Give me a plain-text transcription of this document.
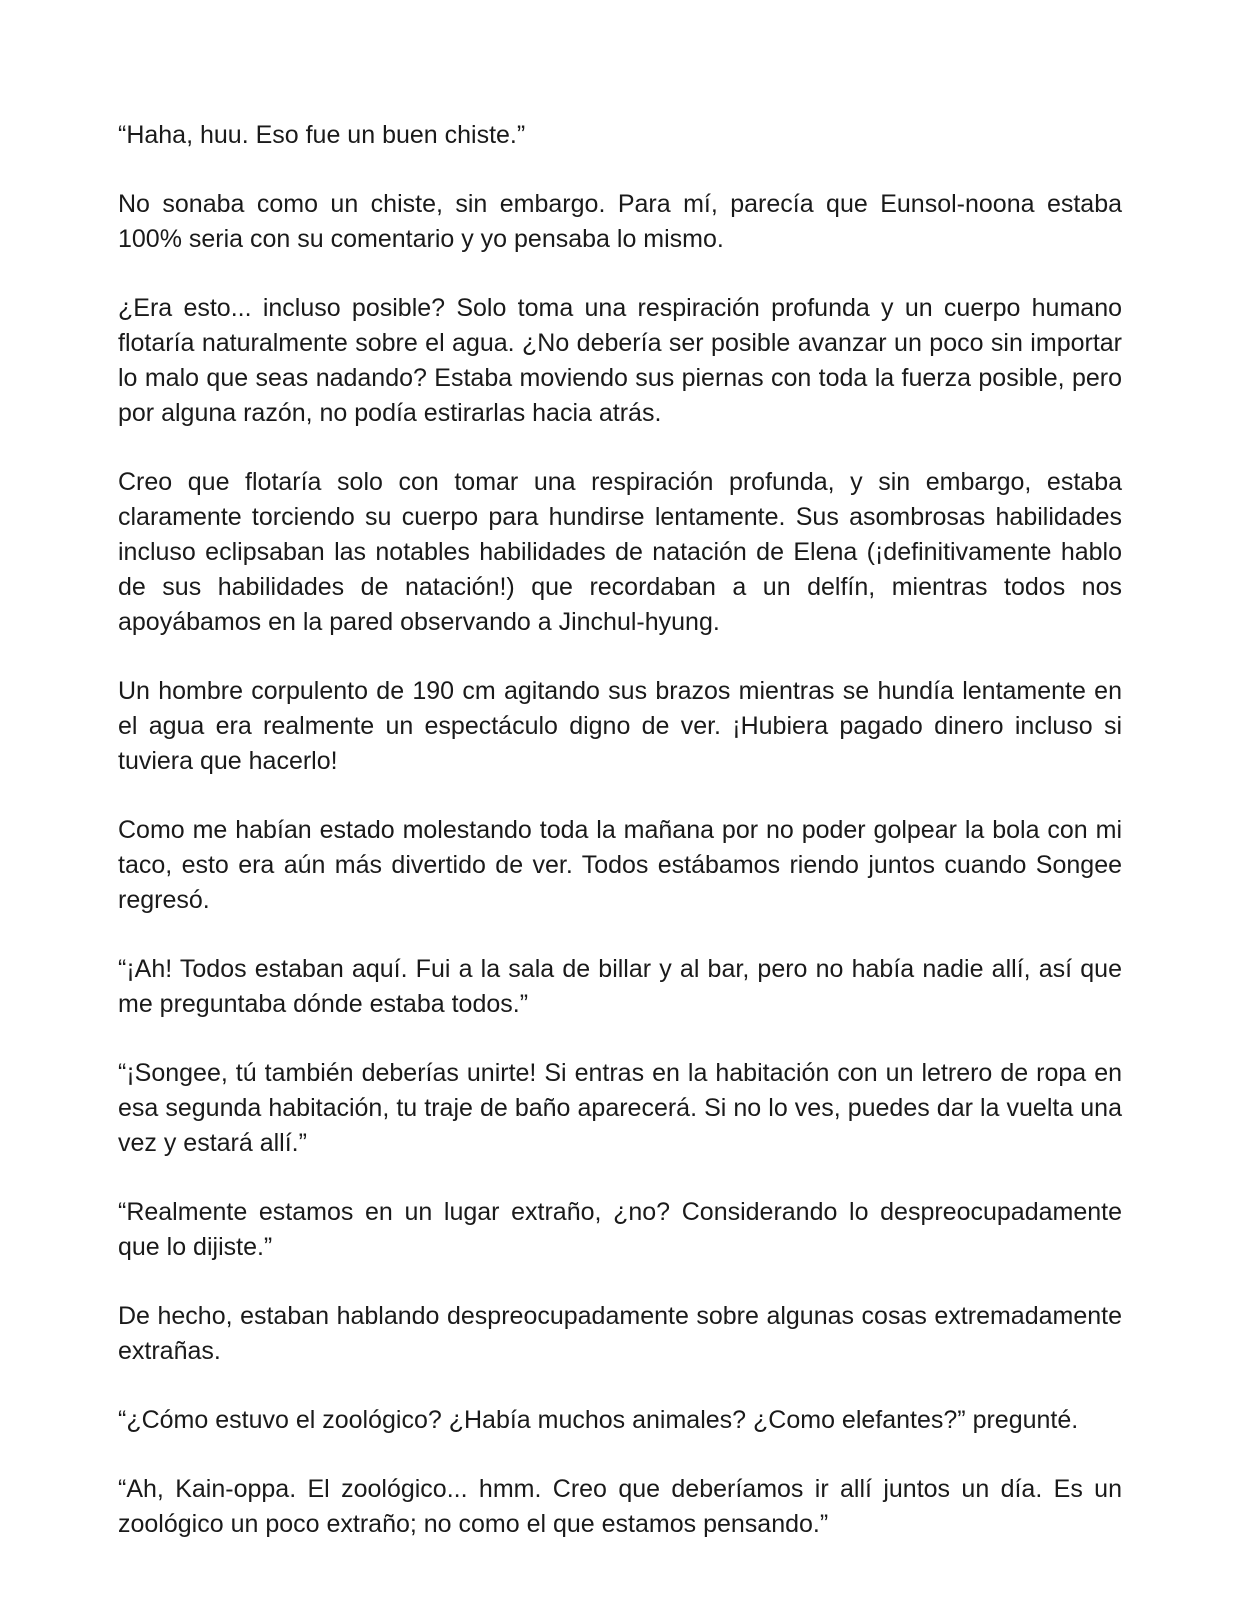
“Haha, huu. Eso fue un buen chiste.”

No sonaba como un chiste, sin embargo. Para mí, parecía que Eunsol-noona estaba 100% seria con su comentario y yo pensaba lo mismo.

¿Era esto... incluso posible? Solo toma una respiración profunda y un cuerpo humano flotaría naturalmente sobre el agua. ¿No debería ser posible avanzar un poco sin importar lo malo que seas nadando? Estaba moviendo sus piernas con toda la fuerza posible, pero por alguna razón, no podía estirarlas hacia atrás.

Creo que flotaría solo con tomar una respiración profunda, y sin embargo, estaba claramente torciendo su cuerpo para hundirse lentamente. Sus asombrosas habilidades incluso eclipsaban las notables habilidades de natación de Elena (¡definitivamente hablo de sus habilidades de natación!) que recordaban a un delfín, mientras todos nos apoyábamos en la pared observando a Jinchul-hyung.

Un hombre corpulento de 190 cm agitando sus brazos mientras se hundía lentamente en el agua era realmente un espectáculo digno de ver. ¡Hubiera pagado dinero incluso si tuviera que hacerlo!

Como me habían estado molestando toda la mañana por no poder golpear la bola con mi taco, esto era aún más divertido de ver. Todos estábamos riendo juntos cuando Songee regresó.

“¡Ah! Todos estaban aquí. Fui a la sala de billar y al bar, pero no había nadie allí, así que me preguntaba dónde estaba todos.”

“¡Songee, tú también deberías unirte! Si entras en la habitación con un letrero de ropa en esa segunda habitación, tu traje de baño aparecerá. Si no lo ves, puedes dar la vuelta una vez y estará allí.”

“Realmente estamos en un lugar extraño, ¿no? Considerando lo despreocupadamente que lo dijiste.”

De hecho, estaban hablando despreocupadamente sobre algunas cosas extremadamente extrañas.

“¿Cómo estuvo el zoológico? ¿Había muchos animales? ¿Como elefantes?” pregunté.

“Ah, Kain-oppa. El zoológico... hmm. Creo que deberíamos ir allí juntos un día. Es un zoológico un poco extraño; no como el que estamos pensando.”
